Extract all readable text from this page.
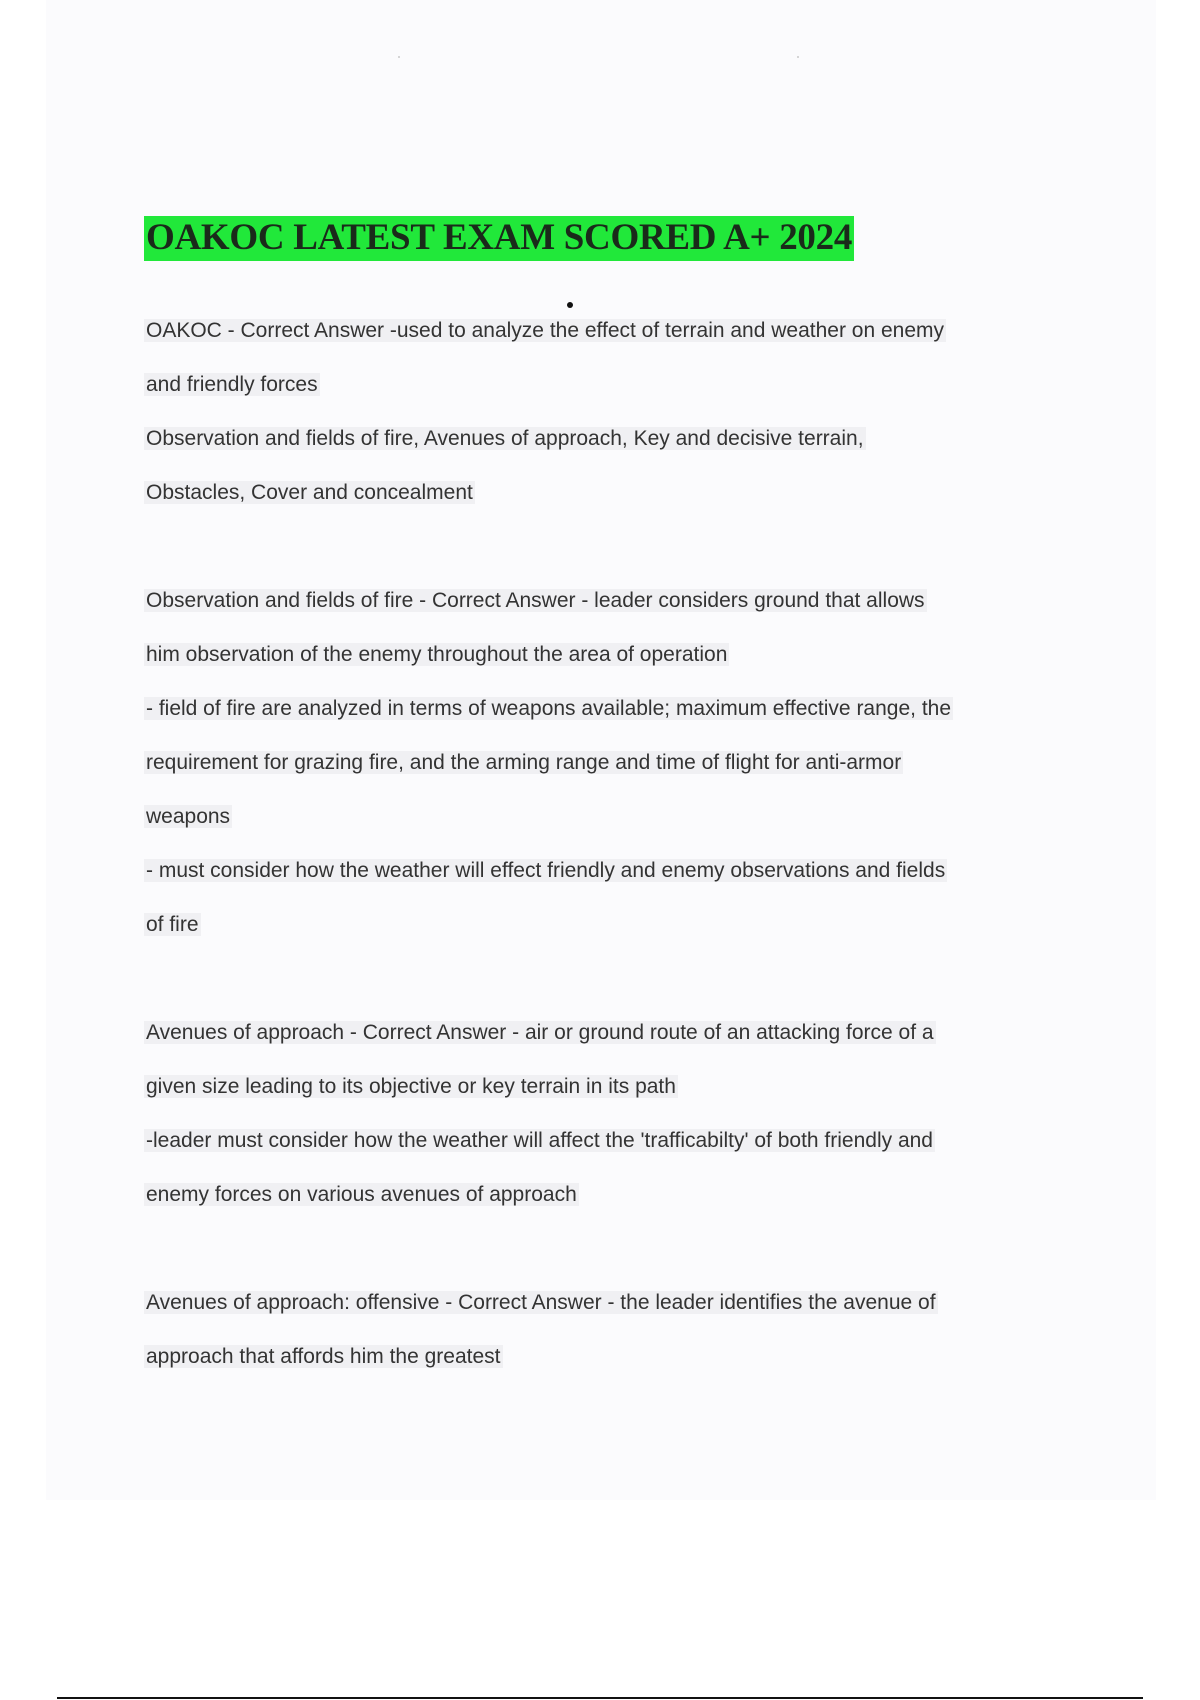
OAKOC LATEST EXAM SCORED A+ 2024
OAKOC - Correct Answer -used to analyze the effect of terrain and weather on enemy
and friendly forces
Observation and fields of fire, Avenues of approach, Key and decisive terrain,
Obstacles, Cover and concealment
Observation and fields of fire - Correct Answer - leader considers ground that allows
him observation of the enemy throughout the area of operation
- field of fire are analyzed in terms of weapons available; maximum effective range, the
requirement for grazing fire, and the arming range and time of flight for anti-armor
weapons
- must consider how the weather will effect friendly and enemy observations and fields
of fire
Avenues of approach - Correct Answer - air or ground route of an attacking force of a
given size leading to its objective or key terrain in its path
-leader must consider how the weather will affect the 'trafficabilty' of both friendly and
enemy forces on various avenues of approach
Avenues of approach: offensive - Correct Answer - the leader identifies the avenue of
approach that affords him the greatest
